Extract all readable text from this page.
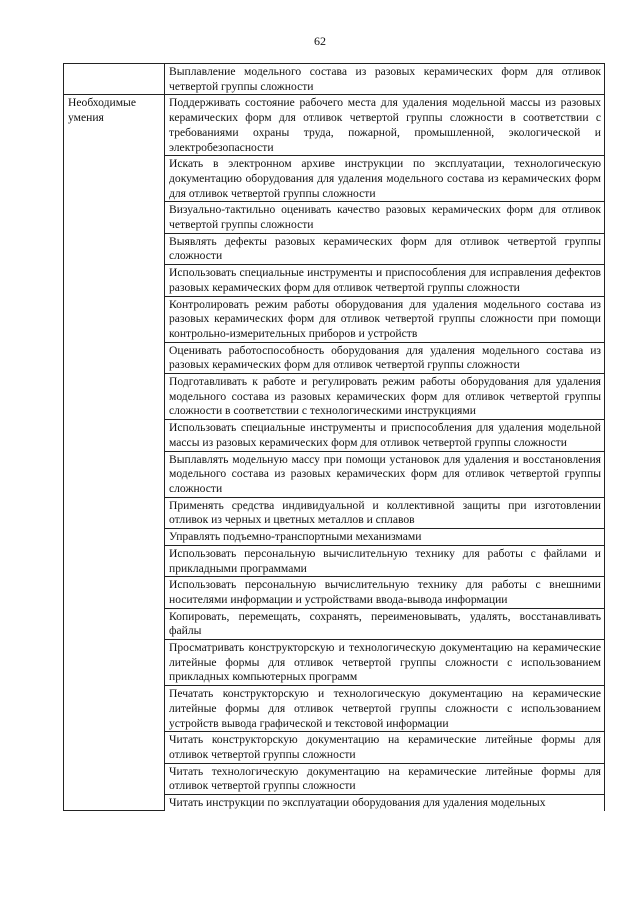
62
	Выплавление модельного состава из разовых керамических форм для отливок четвертой группы сложности
Необходимые умения	Поддерживать состояние рабочего места для удаления модельной массы из разовых керамических форм для отливок четвертой группы сложности в соответствии с требованиями охраны труда, пожарной, промышленной, экологической и электробезопасности
	Искать в электронном архиве инструкции по эксплуатации, технологическую документацию оборудования для удаления модельного состава из керамических форм для отливок четвертой группы сложности
	Визуально-тактильно оценивать качество разовых керамических форм для отливок четвертой группы сложности
	Выявлять дефекты разовых керамических форм для отливок четвертой группы сложности
	Использовать специальные инструменты и приспособления для исправления дефектов разовых керамических форм для отливок четвертой группы сложности
	Контролировать режим работы оборудования для удаления модельного состава из разовых керамических форм для отливок четвертой группы сложности при помощи контрольно-измерительных приборов и устройств
	Оценивать работоспособность оборудования для удаления модельного состава из разовых керамических форм для отливок четвертой группы сложности
	Подготавливать к работе и регулировать режим работы оборудования для удаления модельного состава из разовых керамических форм для отливок четвертой группы сложности в соответствии с технологическими инструкциями
	Использовать специальные инструменты и приспособления для удаления модельной массы из разовых керамических форм для отливок четвертой группы сложности
	Выплавлять модельную массу при помощи установок для удаления и восстановления модельного состава из разовых керамических форм для отливок четвертой группы сложности
	Применять средства индивидуальной и коллективной защиты при изготовлении отливок из черных и цветных металлов и сплавов
	Управлять подъемно-транспортными механизмами
	Использовать персональную вычислительную технику для работы с файлами и прикладными программами
	Использовать персональную вычислительную технику для работы с внешними носителями информации и устройствами ввода-вывода информации
	Копировать, перемещать, сохранять, переименовывать, удалять, восстанавливать файлы
	Просматривать конструкторскую и технологическую документацию на керамические литейные формы для отливок четвертой группы сложности с использованием прикладных компьютерных программ
	Печатать конструкторскую и технологическую документацию на керамические литейные формы для отливок четвертой группы сложности с использованием устройств вывода графической и текстовой информации
	Читать конструкторскую документацию на керамические литейные формы для отливок четвертой группы сложности
	Читать технологическую документацию на керамические литейные формы для отливок четвертой группы сложности
	Читать инструкции по эксплуатации оборудования для удаления модельных
